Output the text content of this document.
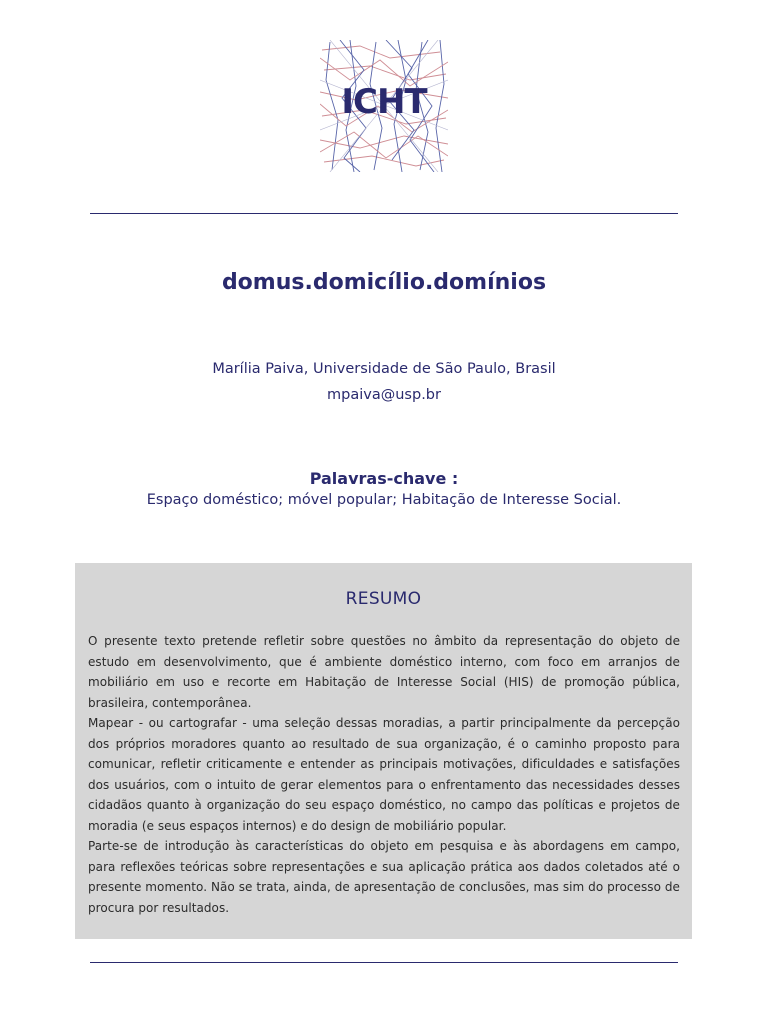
ICHT
domus.domicílio.domínios
Marília Paiva, Universidade de São Paulo, Brasil
mpaiva@usp.br
Palavras-chave :
Espaço doméstico; móvel popular; Habitação de Interesse Social.
RESUMO

O presente texto pretende refletir sobre questões no âmbito da representação do objeto de estudo em desenvolvimento, que é ambiente doméstico interno, com foco em arranjos de mobiliário em uso e recorte em Habitação de Interesse Social (HIS) de promoção pública, brasileira, contemporânea.

Mapear - ou cartografar - uma seleção dessas moradias, a partir principalmente da percepção dos próprios moradores quanto ao resultado de sua organização, é o caminho proposto para comunicar, refletir criticamente e entender as principais motivações, dificuldades e satisfações dos usuários, com o intuito de gerar elementos para o enfrentamento das necessidades desses cidadãos quanto à organização do seu espaço doméstico, no campo das políticas e projetos de moradia (e seus espaços internos) e do design de mobiliário popular.

Parte-se de introdução às características do objeto em pesquisa e às abordagens em campo, para reflexões teóricas sobre representações e sua aplicação prática aos dados coletados até o presente momento. Não se trata, ainda, de apresentação de conclusões, mas sim do processo de procura por resultados.
